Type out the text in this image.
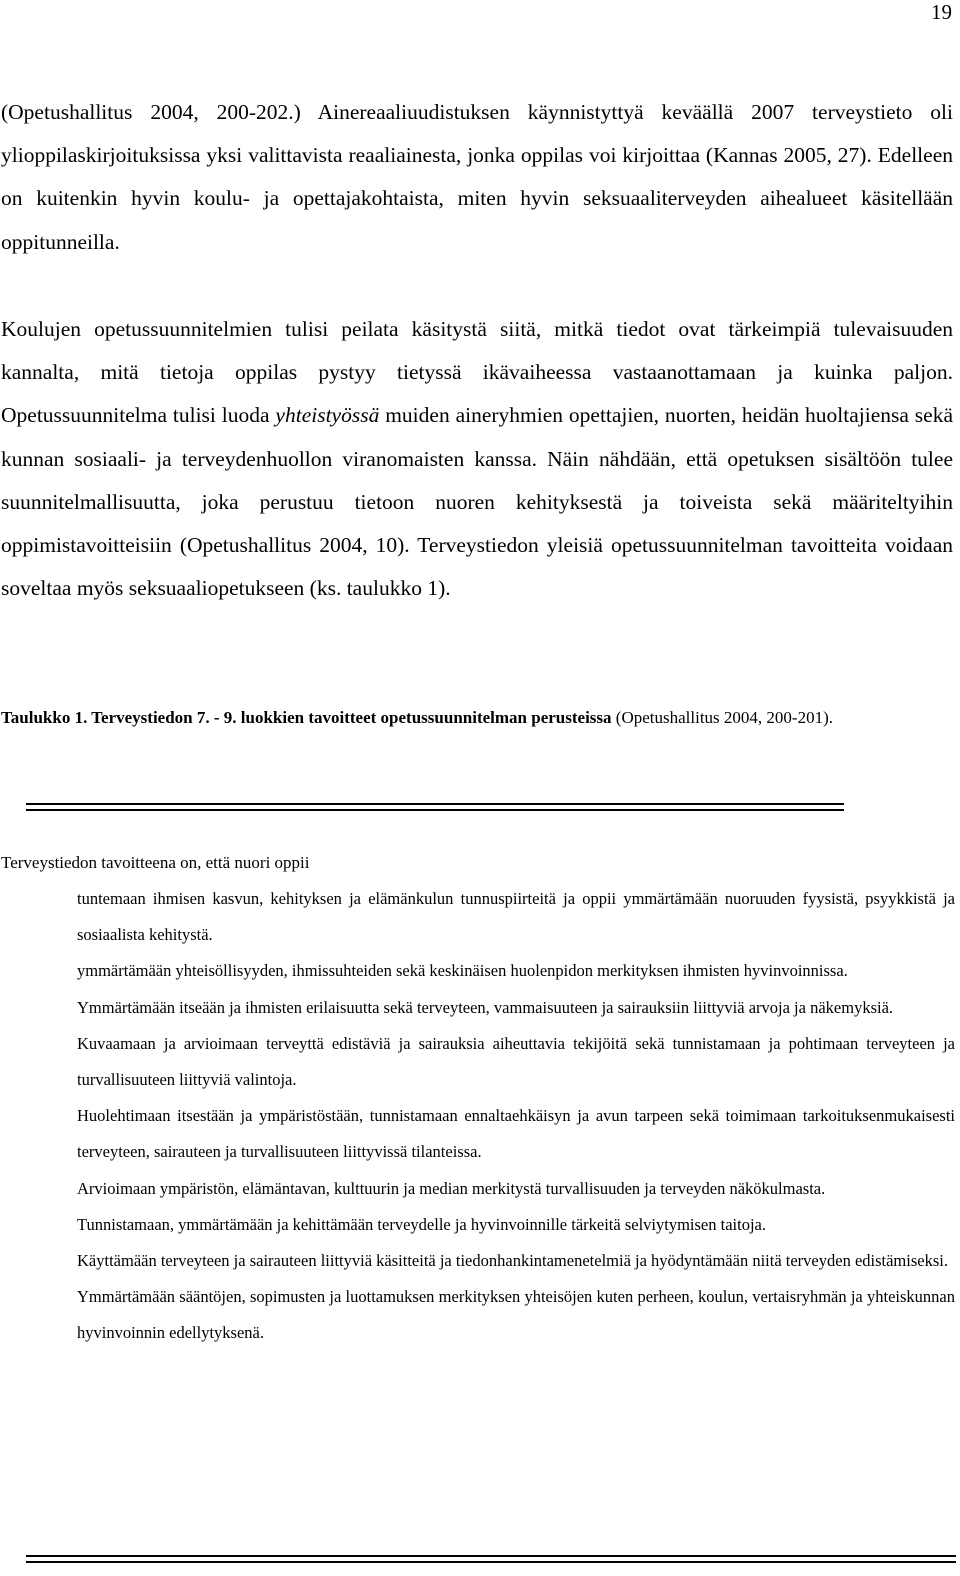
19

(Opetushallitus 2004, 200-202.) Ainereaaliuudistuksen käynnistyttyä keväällä 2007 terveystieto oli ylioppilaskirjoituksissa yksi valittavista reaaliainesta, jonka oppilas voi kirjoittaa (Kannas 2005, 27). Edelleen on kuitenkin hyvin koulu- ja opettajakohtaista, miten hyvin seksuaaliterveyden aihealueet käsitellään oppitunneilla.

Koulujen opetussuunnitelmien tulisi peilata käsitystä siitä, mitkä tiedot ovat tärkeimpiä tulevaisuuden kannalta, mitä tietoja oppilas pystyy tietyssä ikävaiheessa vastaanottamaan ja kuinka paljon. Opetussuunnitelma tulisi luoda yhteistyössä muiden aineryhmien opettajien, nuorten, heidän huoltajiensa sekä kunnan sosiaali- ja terveydenhuollon viranomaisten kanssa. Näin nähdään, että opetuksen sisältöön tulee suunnitelmallisuutta, joka perustuu tietoon nuoren kehityksestä ja toiveista sekä määriteltyihin oppimistavoitteisiin (Opetushallitus 2004, 10). Terveystiedon yleisiä opetussuunnitelman tavoitteita voidaan soveltaa myös seksuaaliopetukseen (ks. taulukko 1).

Taulukko 1. Terveystiedon 7. - 9. luokkien tavoitteet opetussuunnitelman perusteissa (Opetushallitus 2004, 200-201).

Terveystiedon tavoitteena on, että nuori oppii

tuntemaan ihmisen kasvun, kehityksen ja elämänkulun tunnuspiirteitä ja oppii ymmärtämään nuoruuden fyysistä, psyykkistä ja sosiaalista kehitystä.
ymmärtämään yhteisöllisyyden, ihmissuhteiden sekä keskinäisen huolenpidon merkityksen ihmisten hyvinvoinnissa.
Ymmärtämään itseään ja ihmisten erilaisuutta sekä terveyteen, vammaisuuteen ja sairauksiin liittyviä arvoja ja näkemyksiä.
Kuvaamaan ja arvioimaan terveyttä edistäviä ja sairauksia aiheuttavia tekijöitä sekä tunnistamaan ja pohtimaan terveyteen ja turvallisuuteen liittyviä valintoja.
Huolehtimaan itsestään ja ympäristöstään, tunnistamaan ennaltaehkäisyn ja avun tarpeen sekä toimimaan tarkoituksenmukaisesti terveyteen, sairauteen ja turvallisuuteen liittyvissä tilanteissa.
Arvioimaan ympäristön, elämäntavan, kulttuurin ja median merkitystä turvallisuuden ja terveyden näkökulmasta.
Tunnistamaan, ymmärtämään ja kehittämään terveydelle ja hyvinvoinnille tärkeitä selviytymisen taitoja.
Käyttämään terveyteen ja sairauteen liittyviä käsitteitä ja tiedonhankintamenetelmiä ja hyödyntämään niitä terveyden edistämiseksi.
Ymmärtämään sääntöjen, sopimusten ja luottamuksen merkityksen yhteisöjen kuten perheen, koulun, vertaisryhmän ja yhteiskunnan hyvinvoinnin edellytyksenä.
